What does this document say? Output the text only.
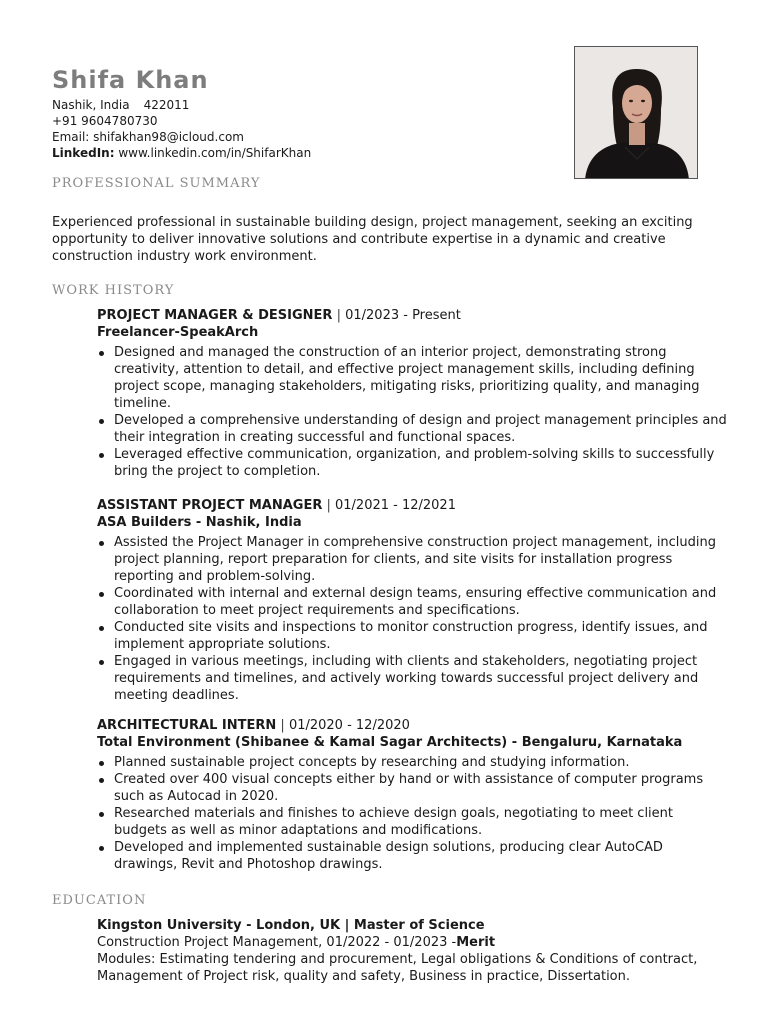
Shifa Khan
Nashik, India 422011
+91 9604780730
Email: shifakhan98@icloud.com
LinkedIn: www.linkedin.com/in/ShifarKhan
PROFESSIONAL SUMMARY
Experienced professional in sustainable building design, project management, seeking an exciting opportunity to deliver innovative solutions and contribute expertise in a dynamic and creative construction industry work environment.
WORK HISTORY
PROJECT MANAGER & DESIGNER | 01/2023 - Present
Freelancer-SpeakArch
Designed and managed the construction of an interior project, demonstrating strong creativity, attention to detail, and effective project management skills, including defining project scope, managing stakeholders, mitigating risks, prioritizing quality, and managing timeline.
Developed a comprehensive understanding of design and project management principles and their integration in creating successful and functional spaces.
Leveraged effective communication, organization, and problem-solving skills to successfully bring the project to completion.
ASSISTANT PROJECT MANAGER | 01/2021 - 12/2021
ASA Builders - Nashik, India
Assisted the Project Manager in comprehensive construction project management, including project planning, report preparation for clients, and site visits for installation progress reporting and problem-solving.
Coordinated with internal and external design teams, ensuring effective communication and collaboration to meet project requirements and specifications.
Conducted site visits and inspections to monitor construction progress, identify issues, and implement appropriate solutions.
Engaged in various meetings, including with clients and stakeholders, negotiating project requirements and timelines, and actively working towards successful project delivery and meeting deadlines.
ARCHITECTURAL INTERN | 01/2020 - 12/2020
Total Environment (Shibanee & Kamal Sagar Architects) - Bengaluru, Karnataka
Planned sustainable project concepts by researching and studying information.
Created over 400 visual concepts either by hand or with assistance of computer programs such as Autocad in 2020.
Researched materials and finishes to achieve design goals, negotiating to meet client budgets as well as minor adaptations and modifications.
Developed and implemented sustainable design solutions, producing clear AutoCAD drawings, Revit and Photoshop drawings.
EDUCATION
Kingston University - London, UK | Master of Science
Construction Project Management, 01/2022 - 01/2023 -Merit
Modules: Estimating tendering and procurement, Legal obligations & Conditions of contract, Management of Project risk, quality and safety, Business in practice, Dissertation.
